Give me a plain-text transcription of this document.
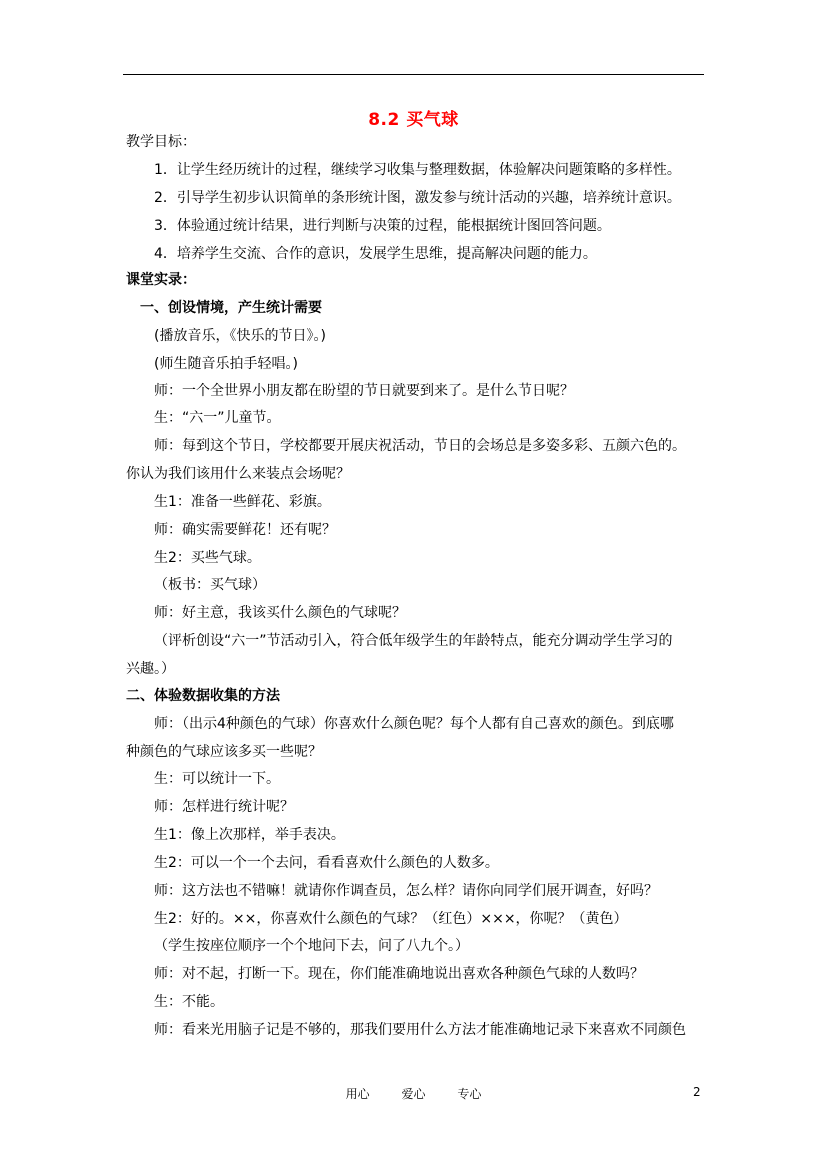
8.2 买气球
教学目标：
1．让学生经历统计的过程，继续学习收集与整理数据，体验解决问题策略的多样性。
2．引导学生初步认识简单的条形统计图，激发参与统计活动的兴趣，培养统计意识。
3．体验通过统计结果，进行判断与决策的过程，能根据统计图回答问题。
4．培养学生交流、合作的意识，发展学生思维，提高解决问题的能力。
课堂实录：
一、创设情境，产生统计需要
(播放音乐，《快乐的节日》。)
(师生随音乐拍手轻唱。)
师：一个全世界小朋友都在盼望的节日就要到来了。是什么节日呢？
生：“六一”儿童节。
师：每到这个节日，学校都要开展庆祝活动，节日的会场总是多姿多彩、五颜六色的。
你认为我们该用什么来装点会场呢？
生1：准备一些鲜花、彩旗。
师：确实需要鲜花！还有呢？
生2：买些气球。
（板书：买气球）
师：好主意，我该买什么颜色的气球呢？
（评析创设“六一”节活动引入，符合低年级学生的年龄特点，能充分调动学生学习的
兴趣。）
二、体验数据收集的方法
师：（出示4种颜色的气球）你喜欢什么颜色呢？每个人都有自己喜欢的颜色。到底哪
种颜色的气球应该多买一些呢？
生：可以统计一下。
师：怎样进行统计呢？
生1：像上次那样，举手表决。
生2：可以一个一个去问，看看喜欢什么颜色的人数多。
师：这方法也不错嘛！就请你作调查员，怎么样？请你向同学们展开调查，好吗？
生2：好的。××，你喜欢什么颜色的气球？（红色）×××，你呢？（黄色）
（学生按座位顺序一个个地问下去，问了八九个。）
师：对不起，打断一下。现在，你们能准确地说出喜欢各种颜色气球的人数吗？
生：不能。
师：看来光用脑子记是不够的，那我们要用什么方法才能准确地记录下来喜欢不同颜色
用心	爱心	专心	2
